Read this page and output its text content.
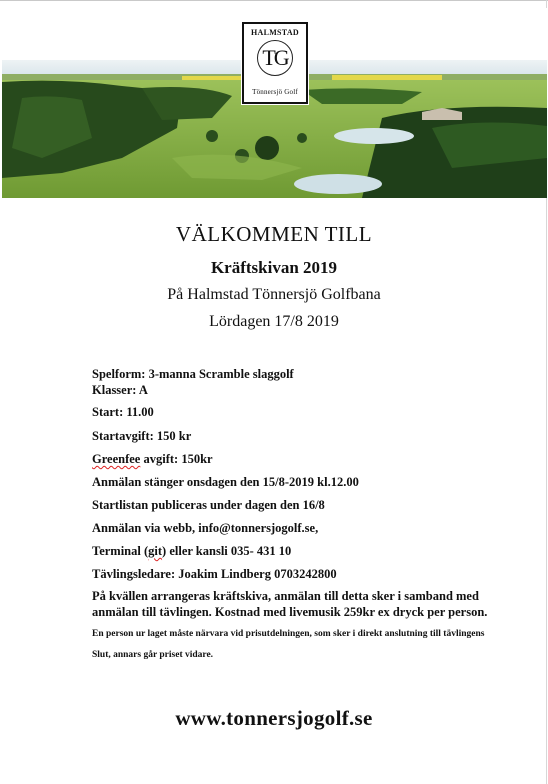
HALMSTAD
TG
Tönnersjö Golf
VÄLKOMMEN TILL
Kräftskivan 2019
På Halmstad Tönnersjö Golfbana
Lördagen 17/8 2019
Spelform: 3-manna Scramble slaggolf
Klasser: A
Start: 11.00
Startavgift: 150 kr
Greenfee avgift: 150kr
Anmälan stänger onsdagen den 15/8-2019 kl.12.00
Startlistan publiceras under dagen den 16/8
Anmälan via webb, info@tonnersjogolf.se,
Terminal (git) eller kansli 035- 431 10
Tävlingsledare: Joakim Lindberg 0703242800
På kvällen arrangeras kräftskiva, anmälan till detta sker i samband med
anmälan till tävlingen. Kostnad med livemusik 259kr ex dryck per person.
En person ur laget måste närvara vid prisutdelningen, som sker i direkt anslutning till tävlingens
Slut, annars går priset vidare.
www.tonnersjogolf.se
